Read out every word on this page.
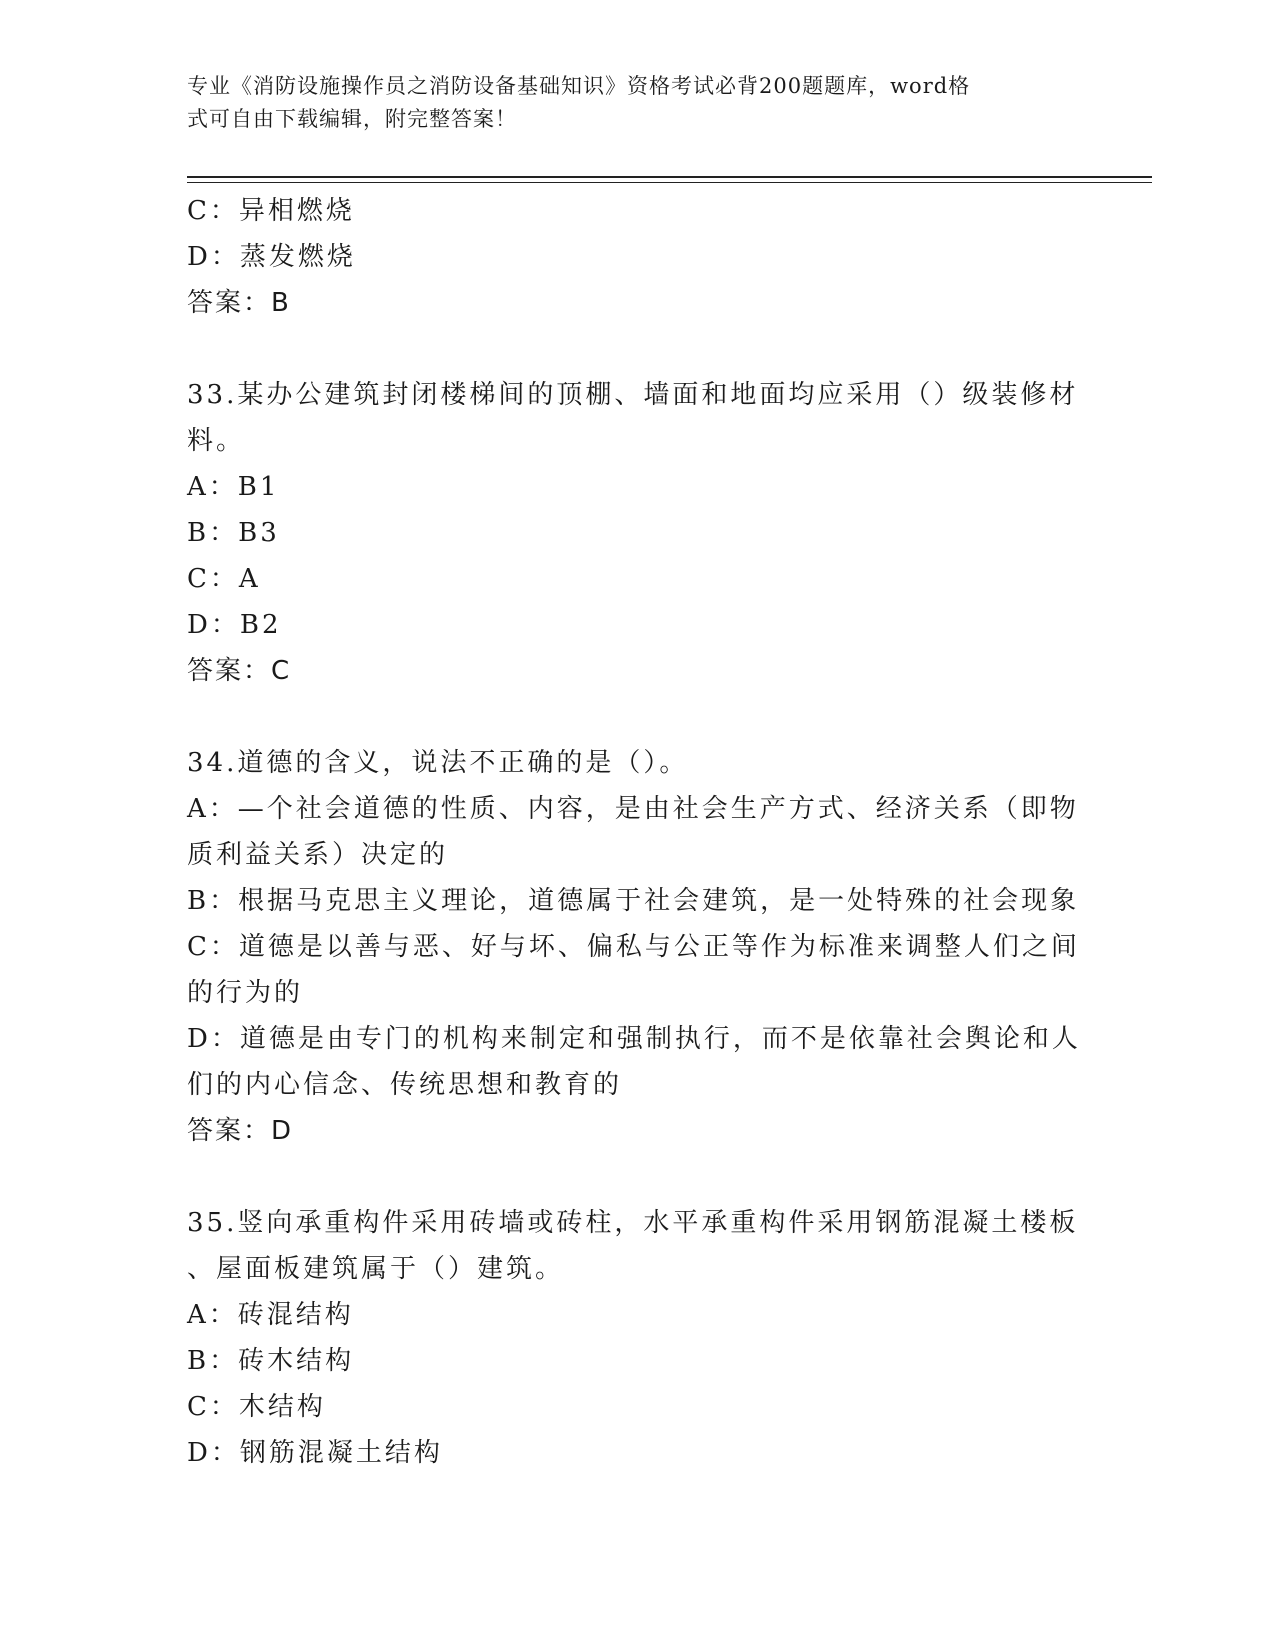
专业《消防设施操作员之消防设备基础知识》资格考试必背200题题库，word格
式可自由下载编辑，附完整答案！
C：异相燃烧
D：蒸发燃烧
答案：B
33.某办公建筑封闭楼梯间的顶棚、墙面和地面均应采用（）级装修材
料。
A：B1
B：B3
C：A
D：B2
答案：C
34.道德的含义，说法不正确的是（）。
A：—个社会道德的性质、内容，是由社会生产方式、经济关系（即物
质利益关系）决定的
B：根据马克思主义理论，道德属于社会建筑，是一处特殊的社会现象
C：道德是以善与恶、好与坏、偏私与公正等作为标准来调整人们之间
的行为的
D：道德是由专门的机构来制定和强制执行，而不是依靠社会舆论和人
们的内心信念、传统思想和教育的
答案：D
35.竖向承重构件采用砖墙或砖柱，水平承重构件采用钢筋混凝土楼板
、屋面板建筑属于（）建筑。
A：砖混结构
B：砖木结构
C：木结构
D：钢筋混凝土结构
